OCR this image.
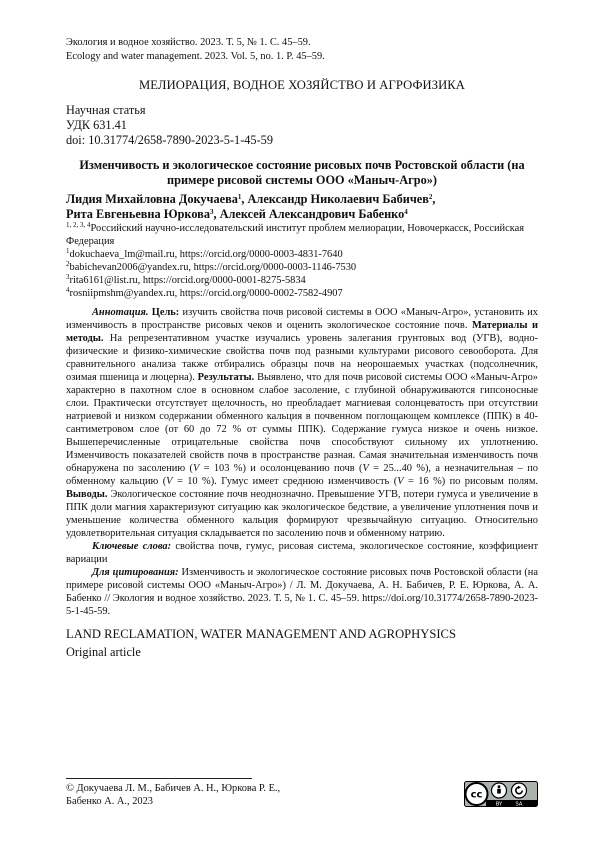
Экология и водное хозяйство. 2023. Т. 5, № 1. С. 45–59.
Ecology and water management. 2023. Vol. 5, no. 1. P. 45–59.
МЕЛИОРАЦИЯ, ВОДНОЕ ХОЗЯЙСТВО И АГРОФИЗИКА
Научная статья
УДК 631.41
doi: 10.31774/2658-7890-2023-5-1-45-59
Изменчивость и экологическое состояние рисовых почв Ростовской области (на примере рисовой системы ООО «Маныч-Агро»)
Лидия Михайловна Докучаева$^1$, Александр Николаевич Бабичев$^2$,
Рита Евгеньевна Юркова$^3$, Алексей Александрович Бабенко$^4$
$^{1, 2, 3, 4}$Российский научно-исследовательский институт проблем мелиорации, Новочеркасск, Российская Федерация
$^1$dokuchaeva_lm@mail.ru, https://orcid.org/0000-0003-4831-7640
$^2$babichevan2006@yandex.ru, https://orcid.org/0000-0003-1146-7530
$^3$rita6161@list.ru, https://orcid.org/0000-0001-8275-5834
$^4$rosniipmshm@yandex.ru, https://orcid.org/0000-0002-7582-4907
Аннотация. Цель: изучить свойства почв рисовой системы в ООО «Маныч-Агро», установить их изменчивость в пространстве рисовых чеков и оценить экологическое состояние почв. Материалы и методы. На репрезентативном участке изучались уровень залегания грунтовых вод (УГВ), водно-физические и физико-химические свойства почв под разными культурами рисового севооборота. Для сравнительного анализа также отбирались образцы почв на неорошаемых участках (подсолнечник, озимая пшеница и люцерна). Результаты. Выявлено, что для почв рисовой системы ООО «Маныч-Агро» характерно в пахотном слое в основном слабое засоление, с глубиной обнаруживаются гипсоносные слои. Практически отсутствует щелочность, но преобладает магниевая солонцеватость при отсутствии натриевой и низком содержании обменного кальция в почвенном поглощающем комплексе (ППК) в 40-сантиметровом слое (от 60 до 72 % от суммы ППК). Содержание гумуса низкое и очень низкое. Вышеперечисленные отрицательные свойства почв способствуют сильному их уплотнению. Изменчивость показателей свойств почв в пространстве разная. Самая значительная изменчивость почв обнаружена по засолению (V = 103 %) и осолонцеванию почв (V = 25...40 %), а незначительная – по обменному кальцию (V = 10 %). Гумус имеет среднюю изменчивость (V = 16 %) по рисовым полям. Выводы. Экологическое состояние почв неоднозначно. Превышение УГВ, потери гумуса и увеличение в ППК доли магния характеризуют ситуацию как экологическое бедствие, а увеличение уплотнения почв и уменьшение количества обменного кальция формируют чрезвычайную ситуацию. Относительно удовлетворительная ситуация складывается по засолению почв и обменному натрию.
Ключевые слова: свойства почв, гумус, рисовая система, экологическое состояние, коэффициент вариации
Для цитирования: Изменчивость и экологическое состояние рисовых почв Ростовской области (на примере рисовой системы ООО «Маныч-Агро») / Л. М. Докучаева, А. Н. Бабичев, Р. Е. Юркова, А. А. Бабенко // Экология и водное хозяйство. 2023. Т. 5, № 1. С. 45–59. https://doi.org/10.31774/2658-7890-2023-5-1-45-59.
LAND RECLAMATION, WATER MANAGEMENT AND AGROPHYSICS
Original article
© Докучаева Л. М., Бабичев А. Н., Юркова Р. Е., Бабенко А. А., 2023
cc
BY	SA
